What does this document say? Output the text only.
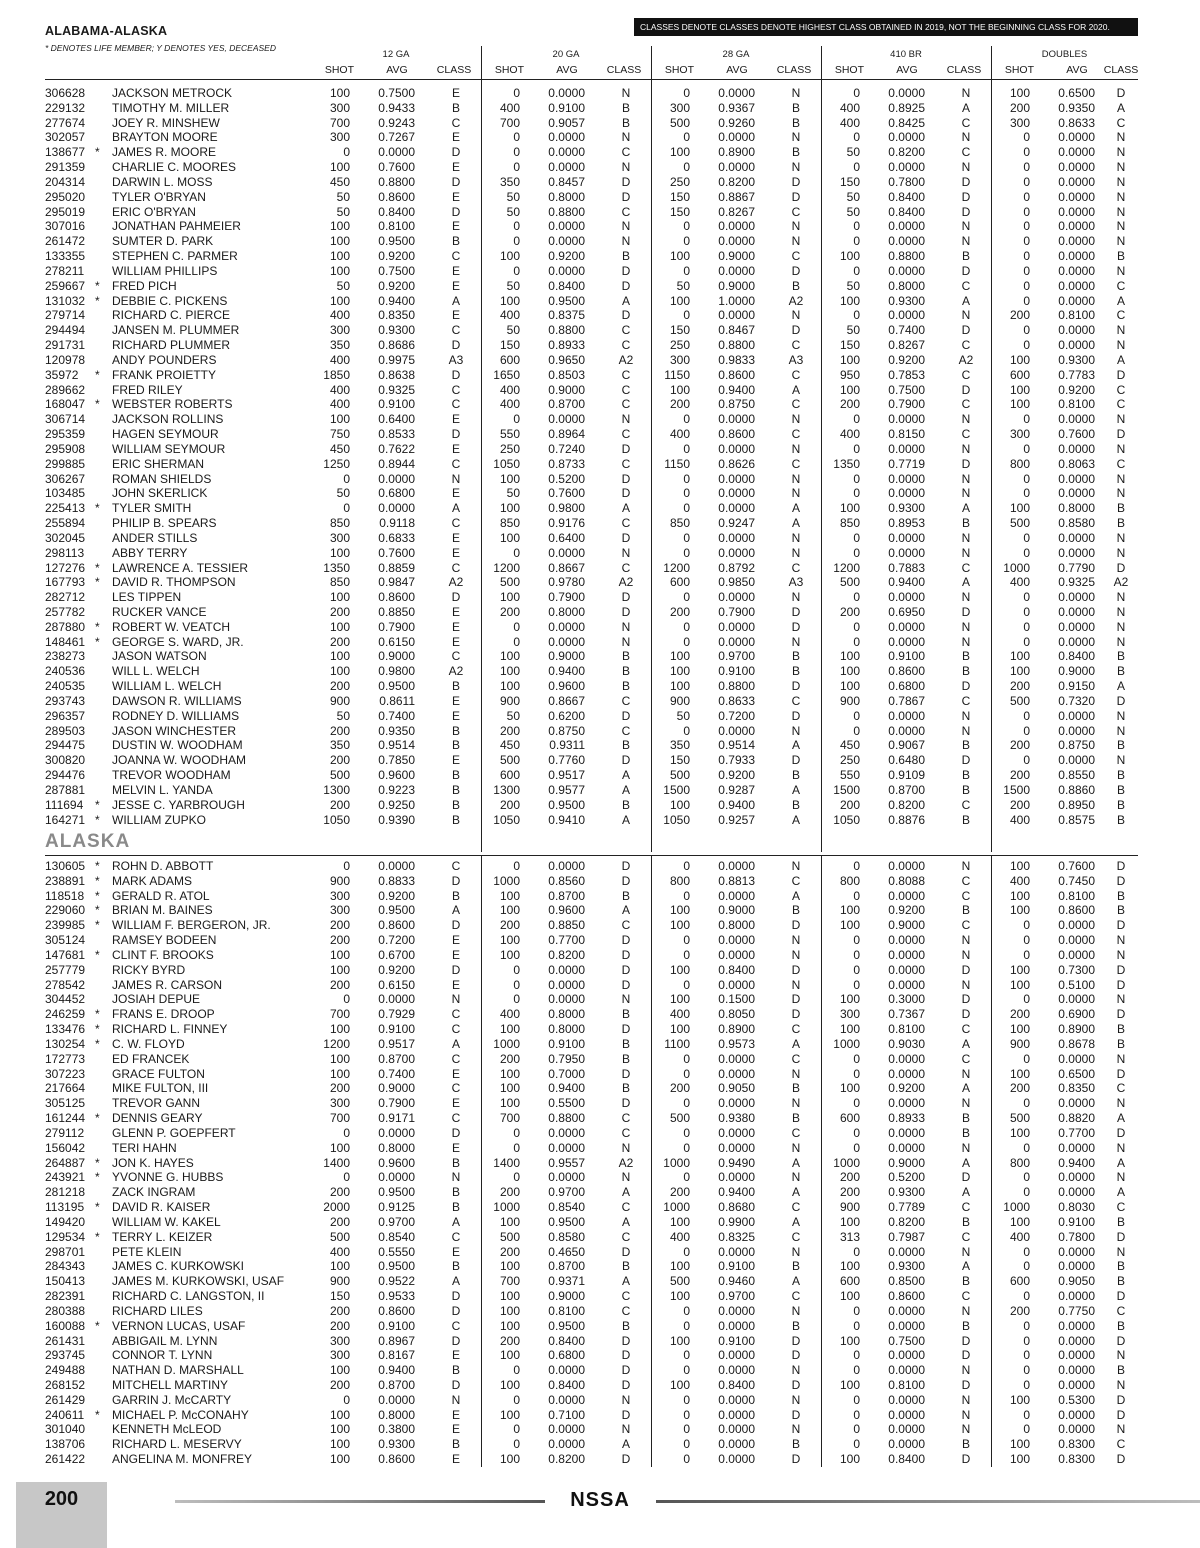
ALABAMA-ALASKA
* DENOTES LIFE MEMBER; Y DENOTES YES, DECEASED
CLASSES DENOTE CLASSES DENOTE HIGHEST CLASS OBTAINED IN 2019, NOT THE BEGINNING CLASS FOR 2020.
12 GA	20 GA	28 GA	410 BR	DOUBLES
SHOT	AVG	CLASS	SHOT	AVG	CLASS	SHOT	AVG	CLASS	SHOT	AVG	CLASS	SHOT	AVG	CLASS
306628 JACKSON METROCK	100	0.7500	E	0	0.0000	N	0	0.0000	N	0	0.0000	N	100	0.6500	D
229132 TIMOTHY M. MILLER	300	0.9433	B	400	0.9100	B	300	0.9367	B	400	0.8925	A	200	0.9350	A
277674 JOEY R. MINSHEW	700	0.9243	C	700	0.9057	B	500	0.9260	B	400	0.8425	C	300	0.8633	C
302057 BRAYTON MOORE	300	0.7267	E	0	0.0000	N	0	0.0000	N	0	0.0000	N	0	0.0000	N
138677 * JAMES R. MOORE	0	0.0000	D	0	0.0000	C	100	0.8900	B	50	0.8200	C	0	0.0000	N
291359 CHARLIE C. MOORES	100	0.7600	E	0	0.0000	N	0	0.0000	N	0	0.0000	N	0	0.0000	N
204314 DARWIN L. MOSS	450	0.8800	D	350	0.8457	D	250	0.8200	D	150	0.7800	D	0	0.0000	N
295020 TYLER O'BRYAN	50	0.8600	E	50	0.8000	D	150	0.8867	D	50	0.8400	D	0	0.0000	N
295019 ERIC O'BRYAN	50	0.8400	D	50	0.8800	C	150	0.8267	C	50	0.8400	D	0	0.0000	N
307016 JONATHAN PAHMEIER	100	0.8100	E	0	0.0000	N	0	0.0000	N	0	0.0000	N	0	0.0000	N
261472 SUMTER D. PARK	100	0.9500	B	0	0.0000	N	0	0.0000	N	0	0.0000	N	0	0.0000	N
133355 STEPHEN C. PARMER	100	0.9200	C	100	0.9200	B	100	0.9000	C	100	0.8800	B	0	0.0000	B
278211 WILLIAM PHILLIPS	100	0.7500	E	0	0.0000	D	0	0.0000	D	0	0.0000	D	0	0.0000	N
259667 * FRED PICH	50	0.9200	E	50	0.8400	D	50	0.9000	B	50	0.8000	C	0	0.0000	C
131032 * DEBBIE C. PICKENS	100	0.9400	A	100	0.9500	A	100	1.0000	A2	100	0.9300	A	0	0.0000	A
279714 RICHARD C. PIERCE	400	0.8350	E	400	0.8375	D	0	0.0000	N	0	0.0000	N	200	0.8100	C
294494 JANSEN M. PLUMMER	300	0.9300	C	50	0.8800	C	150	0.8467	D	50	0.7400	D	0	0.0000	N
291731 RICHARD PLUMMER	350	0.8686	D	150	0.8933	C	250	0.8800	C	150	0.8267	C	0	0.0000	N
120978 ANDY POUNDERS	400	0.9975	A3	600	0.9650	A2	300	0.9833	A3	100	0.9200	A2	100	0.9300	A
35972 * FRANK PROIETTY	1850	0.8638	D	1650	0.8503	C	1150	0.8600	C	950	0.7853	C	600	0.7783	D
289662 FRED RILEY	400	0.9325	C	400	0.9000	C	100	0.9400	A	100	0.7500	D	100	0.9200	C
168047 * WEBSTER ROBERTS	400	0.9100	C	400	0.8700	C	200	0.8750	C	200	0.7900	C	100	0.8100	C
306714 JACKSON ROLLINS	100	0.6400	E	0	0.0000	N	0	0.0000	N	0	0.0000	N	0	0.0000	N
295359 HAGEN SEYMOUR	750	0.8533	D	550	0.8964	C	400	0.8600	C	400	0.8150	C	300	0.7600	D
295908 WILLIAM SEYMOUR	450	0.7622	E	250	0.7240	D	0	0.0000	N	0	0.0000	N	0	0.0000	N
299885 ERIC SHERMAN	1250	0.8944	C	1050	0.8733	C	1150	0.8626	C	1350	0.7719	D	800	0.8063	C
306267 ROMAN SHIELDS	0	0.0000	N	100	0.5200	D	0	0.0000	N	0	0.0000	N	0	0.0000	N
103485 JOHN SKERLICK	50	0.6800	E	50	0.7600	D	0	0.0000	N	0	0.0000	N	0	0.0000	N
225413 * TYLER SMITH	0	0.0000	A	100	0.9800	A	0	0.0000	A	100	0.9300	A	100	0.8000	B
255894 PHILIP B. SPEARS	850	0.9118	C	850	0.9176	C	850	0.9247	A	850	0.8953	B	500	0.8580	B
302045 ANDER STILLS	300	0.6833	E	100	0.6400	D	0	0.0000	N	0	0.0000	N	0	0.0000	N
298113 ABBY TERRY	100	0.7600	E	0	0.0000	N	0	0.0000	N	0	0.0000	N	0	0.0000	N
127276 * LAWRENCE A. TESSIER	1350	0.8859	C	1200	0.8667	C	1200	0.8792	C	1200	0.7883	C	1000	0.7790	D
167793 * DAVID R. THOMPSON	850	0.9847	A2	500	0.9780	A2	600	0.9850	A3	500	0.9400	A	400	0.9325	A2
282712 LES TIPPEN	100	0.8600	D	100	0.7900	D	0	0.0000	N	0	0.0000	N	0	0.0000	N
257782 RUCKER VANCE	200	0.8850	E	200	0.8000	D	200	0.7900	D	200	0.6950	D	0	0.0000	N
287880 * ROBERT W. VEATCH	100	0.7900	E	0	0.0000	N	0	0.0000	D	0	0.0000	N	0	0.0000	N
148461 * GEORGE S. WARD, JR.	200	0.6150	E	0	0.0000	N	0	0.0000	N	0	0.0000	N	0	0.0000	N
238273 JASON WATSON	100	0.9000	C	100	0.9000	B	100	0.9700	B	100	0.9100	B	100	0.8400	B
240536 WILL L. WELCH	100	0.9800	A2	100	0.9400	B	100	0.9100	B	100	0.8600	B	100	0.9000	B
240535 WILLIAM L. WELCH	200	0.9500	B	100	0.9600	B	100	0.8800	D	100	0.6800	D	200	0.9150	A
293743 DAWSON R. WILLIAMS	900	0.8611	E	900	0.8667	C	900	0.8633	C	900	0.7867	C	500	0.7320	D
296357 RODNEY D. WILLIAMS	50	0.7400	E	50	0.6200	D	50	0.7200	D	0	0.0000	N	0	0.0000	N
289503 JASON WINCHESTER	200	0.9350	B	200	0.8750	C	0	0.0000	N	0	0.0000	N	0	0.0000	N
294475 DUSTIN W. WOODHAM	350	0.9514	B	450	0.9311	B	350	0.9514	A	450	0.9067	B	200	0.8750	B
300820 JOANNA W. WOODHAM	200	0.7850	E	500	0.7760	D	150	0.7933	D	250	0.6480	D	0	0.0000	N
294476 TREVOR WOODHAM	500	0.9600	B	600	0.9517	A	500	0.9200	B	550	0.9109	B	200	0.8550	B
287881 MELVIN L. YANDA	1300	0.9223	B	1300	0.9577	A	1500	0.9287	A	1500	0.8700	B	1500	0.8860	B
111694 * JESSE C. YARBROUGH	200	0.9250	B	200	0.9500	B	100	0.9400	B	200	0.8200	C	200	0.8950	B
164271 * WILLIAM ZUPKO	1050	0.9390	B	1050	0.9410	A	1050	0.9257	A	1050	0.8876	B	400	0.8575	B
ALASKA
130605 * ROHN D. ABBOTT	0	0.0000	C	0	0.0000	D	0	0.0000	N	0	0.0000	N	100	0.7600	D
238891 * MARK ADAMS	900	0.8833	D	1000	0.8560	D	800	0.8813	C	800	0.8088	C	400	0.7450	D
118518 * GERALD R. ATOL	300	0.9200	B	100	0.8700	B	0	0.0000	A	0	0.0000	C	100	0.8100	B
229060 * BRIAN M. BAINES	300	0.9500	A	100	0.9600	A	100	0.9000	B	100	0.9200	B	100	0.8600	B
239985 * WILLIAM F. BERGERON, JR.	200	0.8600	D	200	0.8850	C	100	0.8000	D	100	0.9000	C	0	0.0000	D
305124 RAMSEY BODEEN	200	0.7200	E	100	0.7700	D	0	0.0000	N	0	0.0000	N	0	0.0000	N
147681 * CLINT F. BROOKS	100	0.6700	E	100	0.8200	D	0	0.0000	N	0	0.0000	N	0	0.0000	N
257779 RICKY BYRD	100	0.9200	D	0	0.0000	D	100	0.8400	D	0	0.0000	D	100	0.7300	D
278542 JAMES R. CARSON	200	0.6150	E	0	0.0000	D	0	0.0000	N	0	0.0000	N	100	0.5100	D
304452 JOSIAH DEPUE	0	0.0000	N	0	0.0000	N	100	0.1500	D	100	0.3000	D	0	0.0000	N
246259 * FRANS E. DROOP	700	0.7929	C	400	0.8000	B	400	0.8050	D	300	0.7367	D	200	0.6900	D
133476 * RICHARD L. FINNEY	100	0.9100	C	100	0.8000	D	100	0.8900	C	100	0.8100	C	100	0.8900	B
130254 * C. W. FLOYD	1200	0.9517	A	1000	0.9100	B	1100	0.9573	A	1000	0.9030	A	900	0.8678	B
172773 ED FRANCEK	100	0.8700	C	200	0.7950	B	0	0.0000	C	0	0.0000	C	0	0.0000	N
307223 GRACE FULTON	100	0.7400	E	100	0.7000	D	0	0.0000	N	0	0.0000	N	100	0.6500	D
217664 MIKE FULTON, III	200	0.9000	C	100	0.9400	B	200	0.9050	B	100	0.9200	A	200	0.8350	C
305125 TREVOR GANN	300	0.7900	E	100	0.5500	D	0	0.0000	N	0	0.0000	N	0	0.0000	N
161244 * DENNIS GEARY	700	0.9171	C	700	0.8800	C	500	0.9380	B	600	0.8933	B	500	0.8820	A
279112 GLENN P. GOEPFERT	0	0.0000	D	0	0.0000	C	0	0.0000	C	0	0.0000	B	100	0.7700	D
156042 TERI HAHN	100	0.8000	E	0	0.0000	N	0	0.0000	N	0	0.0000	N	0	0.0000	N
264887 * JON K. HAYES	1400	0.9600	B	1400	0.9557	A2	1000	0.9490	A	1000	0.9000	A	800	0.9400	A
243921 * YVONNE G. HUBBS	0	0.0000	N	0	0.0000	N	0	0.0000	N	200	0.5200	D	0	0.0000	N
281218 ZACK INGRAM	200	0.9500	B	200	0.9700	A	200	0.9400	A	200	0.9300	A	0	0.0000	A
113195 * DAVID R. KAISER	2000	0.9125	B	1000	0.8540	C	1000	0.8680	C	900	0.7789	C	1000	0.8030	C
149420 WILLIAM W. KAKEL	200	0.9700	A	100	0.9500	A	100	0.9900	A	100	0.8200	B	100	0.9100	B
129534 * TERRY L. KEIZER	500	0.8540	C	500	0.8580	C	400	0.8325	C	313	0.7987	C	400	0.7800	D
298701 PETE KLEIN	400	0.5550	E	200	0.4650	D	0	0.0000	N	0	0.0000	N	0	0.0000	N
284343 JAMES C. KURKOWSKI	100	0.9500	B	100	0.8700	B	100	0.9100	B	100	0.9300	A	0	0.0000	B
150413 JAMES M. KURKOWSKI, USAF	900	0.9522	A	700	0.9371	A	500	0.9460	A	600	0.8500	B	600	0.9050	B
282391 RICHARD C. LANGSTON, II	150	0.9533	D	100	0.9000	C	100	0.9700	C	100	0.8600	C	0	0.0000	D
280388 RICHARD LILES	200	0.8600	D	100	0.8100	C	0	0.0000	N	0	0.0000	N	200	0.7750	C
160088 * VERNON LUCAS, USAF	200	0.9100	C	100	0.9500	B	0	0.0000	B	0	0.0000	B	0	0.0000	B
261431 ABBIGAIL M. LYNN	300	0.8967	D	200	0.8400	D	100	0.9100	D	100	0.7500	D	0	0.0000	D
293745 CONNOR T. LYNN	300	0.8167	E	100	0.6800	D	0	0.0000	D	0	0.0000	D	0	0.0000	N
249488 NATHAN D. MARSHALL	100	0.9400	B	0	0.0000	D	0	0.0000	N	0	0.0000	N	0	0.0000	B
268152 MITCHELL MARTINY	200	0.8700	D	100	0.8400	D	100	0.8400	D	100	0.8100	D	0	0.0000	N
261429 GARRIN J. McCARTY	0	0.0000	N	0	0.0000	N	0	0.0000	N	0	0.0000	N	100	0.5300	D
240611 * MICHAEL P. McCONAHY	100	0.8000	E	100	0.7100	D	0	0.0000	D	0	0.0000	N	0	0.0000	D
301040 KENNETH McLEOD	100	0.3800	E	0	0.0000	N	0	0.0000	N	0	0.0000	N	0	0.0000	N
138706 RICHARD L. MESERVY	100	0.9300	B	0	0.0000	A	0	0.0000	B	0	0.0000	B	100	0.8300	C
261422 ANGELINA M. MONFREY	100	0.8600	E	100	0.8200	D	0	0.0000	D	100	0.8400	D	100	0.8300	D
200	NSSA
